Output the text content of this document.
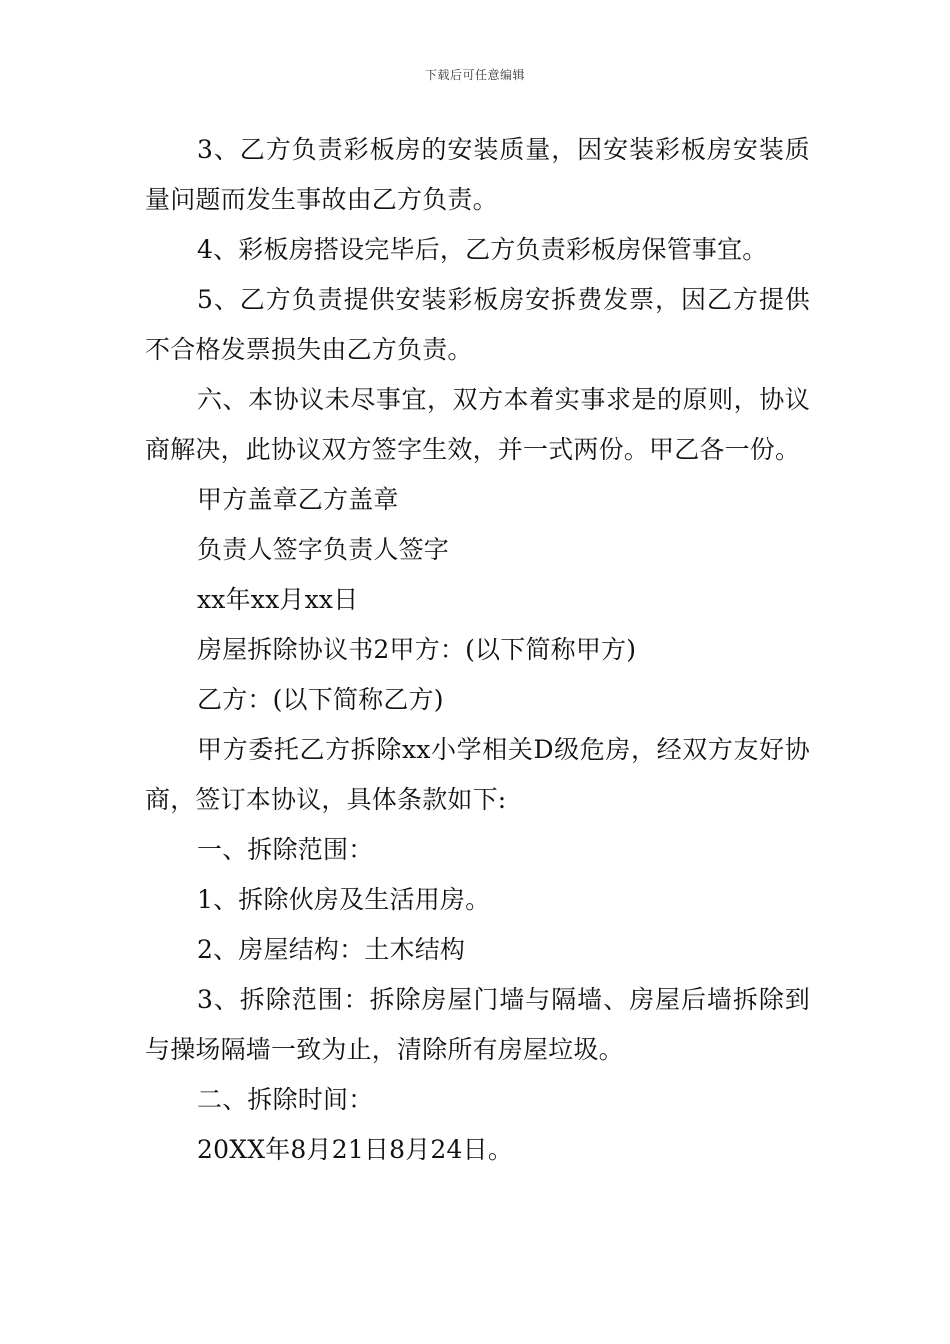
下载后可任意编辑

3、乙方负责彩板房的安装质量，因安装彩板房安装质量问题而发生事故由乙方负责。

4、彩板房搭设完毕后，乙方负责彩板房保管事宜。

5、乙方负责提供安装彩板房安拆费发票，因乙方提供不合格发票损失由乙方负责。

六、本协议未尽事宜，双方本着实事求是的原则，协议商解决，此协议双方签字生效，并一式两份。甲乙各一份。

甲方盖章乙方盖章

负责人签字负责人签字

xx年xx月xx日

房屋拆除协议书2甲方：(以下简称甲方)

乙方：(以下简称乙方)

甲方委托乙方拆除xx小学相关D级危房，经双方友好协商，签订本协议，具体条款如下:

一、拆除范围：

1、拆除伙房及生活用房。

2、房屋结构：土木结构

3、拆除范围：拆除房屋门墙与隔墙、房屋后墙拆除到与操场隔墙一致为止，清除所有房屋垃圾。

二、拆除时间：

20XX年8月21日8月24日。
